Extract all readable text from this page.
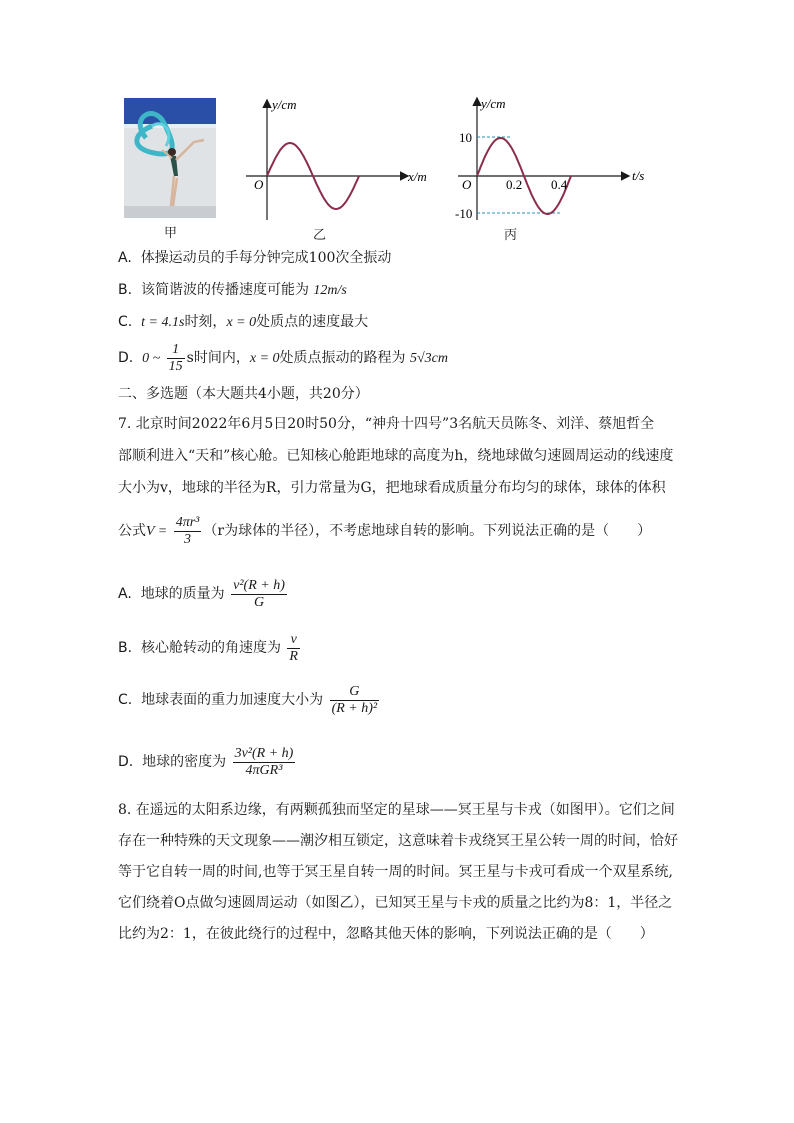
甲
y/cm
x/m
O
乙
y/cm
t/s
O
10
-10
0.2 0.4
丙
A. 体操运动员的手每分钟完成100次全振动
B. 该简谐波的传播速度可能为 12m/s
C. t = 4.1s时刻，x = 0处质点的速度最大
D. 0 ~ $\frac{1}{15}$ s时间内，x = 0处质点振动的路程为 5√3cm
二、多选题（本大题共4小题，共20分）
7. 北京时间2022年6月5日20时50分，“神舟十四号”3名航天员陈冬、刘洋、蔡旭哲全
部顺利进入“天和”核心舱。已知核心舱距地球的高度为h，绕地球做匀速圆周运动的线速度
大小为v，地球的半径为R，引力常量为G，把地球看成质量分布均匀的球体，球体的体积
公式$V = \frac{\text{4πr³}}{3} (r$为球体的半径），不考虑地球自转的影响。下列说法正确的是（　　）
A. 地球的质量为 $\frac{\text{v²(R + h)}}{G}$
B. 核心舱转动的角速度为 $\frac{v}{R}$
C. 地球表面的重力加速度大小为 $\frac{G}{\text{(R + h)²}}$
D. 地球的密度为 $\frac{\text{3v²(R + h)}}{\text{4πGR³}}$
8. 在遥远的太阳系边缘，有两颗孤独而坚定的星球——冥王星与卡戎（如图甲）。它们之间
存在一种特殊的天文现象——潮汐相互锁定，这意味着卡戎绕冥王星公转一周的时间，恰好
等于它自转一周的时间,也等于冥王星自转一周的时间。冥王星与卡戎可看成一个双星系统,
它们绕着O点做匀速圆周运动（如图乙），已知冥王星与卡戎的质量之比约为8：1，半径之
比约为2：1，在彼此绕行的过程中，忽略其他天体的影响，下列说法正确的是（　　）
